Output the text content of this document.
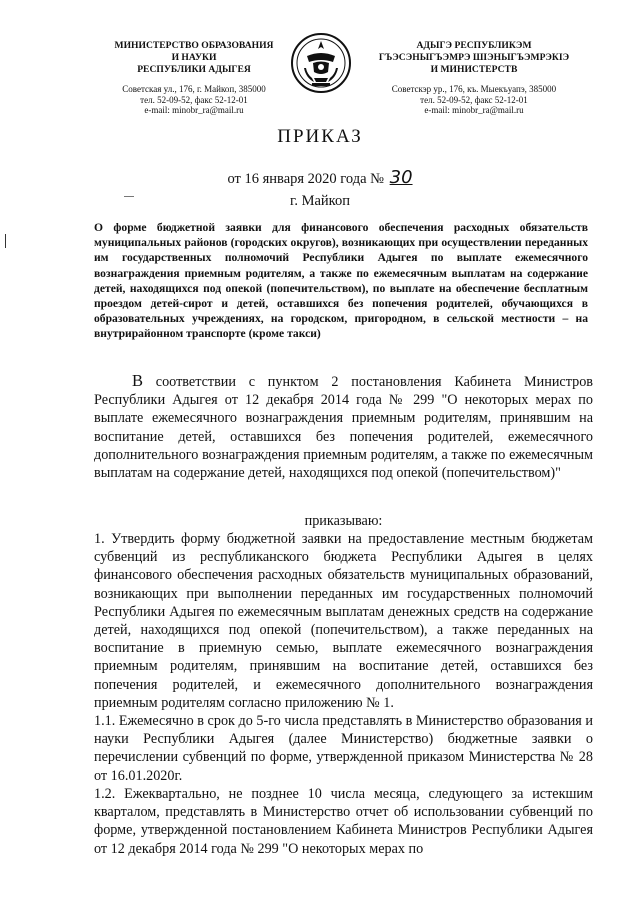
МИНИСТЕРСТВО ОБРАЗОВАНИЯ
И НАУКИ
РЕСПУБЛИКИ АДЫГЕЯ
Советская ул., 176, г. Майкоп, 385000
тел. 52-09-52, факс 52-12-01
e-mail: minobr_ra@mail.ru
АДЫГЭ РЕСПУБЛИКЭМ
ГЪЭСЭНЫГЪЭМРЭ ШIЭНЫГЪЭМРЭКIЭ
И МИНИСТЕРСТВ
Советскэр ур., 176, къ. Мыекъуапэ, 385000
тел. 52-09-52, факс 52-12-01
e-mail: minobr_ra@mail.ru
ПРИКАЗ
от 16 января 2020 года № 30
г. Майкоп
О форме бюджетной заявки для финансового обеспечения расходных обязательств муниципальных районов (городских округов), возникающих при осуществлении переданных им государственных полномочий Республики Адыгея по выплате ежемесячного вознаграждения приемным родителям, а также по ежемесячным выплатам на содержание детей, находящихся под опекой (попечительством), по выплате на обеспечение бесплатным проездом детей-сирот и детей, оставшихся без попечения родителей, обучающихся в образовательных учреждениях, на городском, пригородном, в сельской местности – на внутрирайонном транспорте (кроме такси)
В соответствии с пунктом 2 постановления Кабинета Министров Республики Адыгея от 12 декабря 2014 года № 299 "О некоторых мерах по выплате ежемесячного вознаграждения приемным родителям, принявшим на воспитание детей, оставшихся без попечения родителей, ежемесячного дополнительного вознаграждения приемным родителям, а также по ежемесячным выплатам на содержание детей, находящихся под опекой (попечительством)"
приказываю:
1. Утвердить форму бюджетной заявки на предоставление местным бюджетам субвенций из республиканского бюджета Республики Адыгея в целях финансового обеспечения расходных обязательств муниципальных образований, возникающих при выполнении переданных им государственных полномочий Республики Адыгея по ежемесячным выплатам денежных средств на содержание детей, находящихся под опекой (попечительством), а также переданных на воспитание в приемную семью, выплате ежемесячного вознаграждения приемным родителям, принявшим на воспитание детей, оставшихся без попечения родителей, и ежемесячного дополнительного вознаграждения приемным родителям согласно приложению № 1.
1.1. Ежемесячно в срок до 5-го числа представлять в Министерство образования и науки Республики Адыгея (далее Министерство) бюджетные заявки о перечислении субвенций по форме, утвержденной приказом Министерства № 28 от 16.01.2020г.
1.2. Ежеквартально, не позднее 10 числа месяца, следующего за истекшим кварталом, представлять в Министерство отчет об использовании субвенций по форме, утвержденной постановлением Кабинета Министров Республики Адыгея от 12 декабря 2014 года № 299 "О некоторых мерах по
